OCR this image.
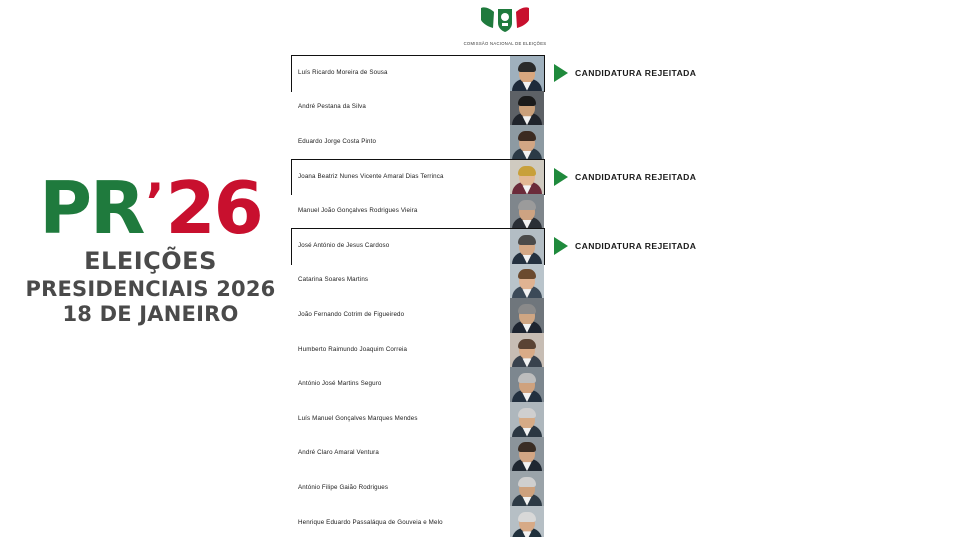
COMISSÃO NACIONAL DE ELEIÇÕES
PR ’ 26
ELEIÇÕES
PRESIDENCIAIS 2026
18 DE JANEIRO
Luís Ricardo Moreira de Sousa	CANDIDATURA REJEITADA
André Pestana da Silva
Eduardo Jorge Costa Pinto
Joana Beatriz Nunes Vicente Amaral Dias Terrinca	CANDIDATURA REJEITADA
Manuel João Gonçalves Rodrigues Vieira
José António de Jesus Cardoso	CANDIDATURA REJEITADA
Catarina Soares Martins
João Fernando Cotrim de Figueiredo
Humberto Raimundo Joaquim Correia
António José Martins Seguro
Luís Manuel Gonçalves Marques Mendes
André Claro Amaral Ventura
António Filipe Gaião Rodrigues
Henrique Eduardo Passaláqua de Gouveia e Melo
